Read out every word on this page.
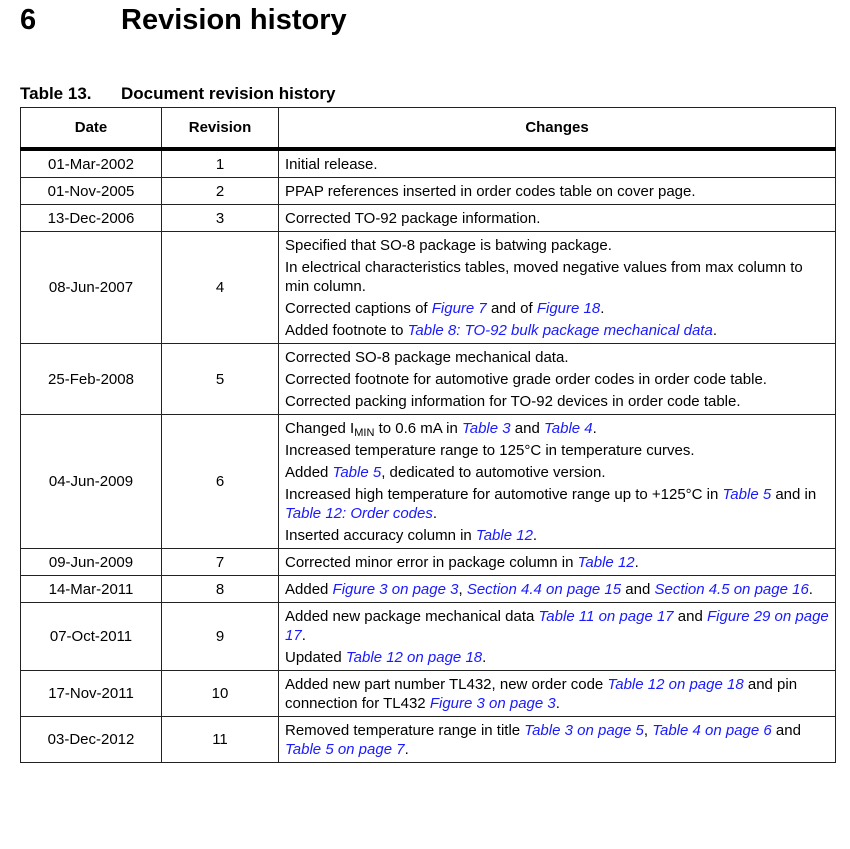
6	Revision history
Table 13. Document revision history
Date	Revision	Changes
01-Mar-2002	1	Initial release.

01-Nov-2005	2	PPAP references inserted in order codes table on cover page.

13-Dec-2006	3	Corrected TO-92 package information.

08-Jun-2007	4	Specified that SO-8 package is batwing package.
In electrical characteristics tables, moved negative values from max column to min column.
Corrected captions of Figure 7 and of Figure 18.
Added footnote to Table 8: TO-92 bulk package mechanical data.

25-Feb-2008	5	Corrected SO-8 package mechanical data.
Corrected footnote for automotive grade order codes in order code table.
Corrected packing information for TO-92 devices in order code table.

04-Jun-2009	6	Changed $I_{MIN}$ to 0.6 mA in Table 3 and Table 4.
Increased temperature range to 125°C in temperature curves.
Added Table 5, dedicated to automotive version.
Increased high temperature for automotive range up to +125°C in Table 5 and in Table 12: Order codes.
Inserted accuracy column in Table 12.

09-Jun-2009	7	Corrected minor error in package column in Table 12.

14-Mar-2011	8	Added Figure 3 on page 3, Section 4.4 on page 15 and Section 4.5 on page 16.

07-Oct-2011	9	Added new package mechanical data Table 11 on page 17 and Figure 29 on page 17.
Updated Table 12 on page 18.

17-Nov-2011	10	Added new part number TL432, new order code Table 12 on page 18 and pin connection for TL432 Figure 3 on page 3.

03-Dec-2012	11	Removed temperature range in title Table 3 on page 5, Table 4 on page 6 and Table 5 on page 7.
